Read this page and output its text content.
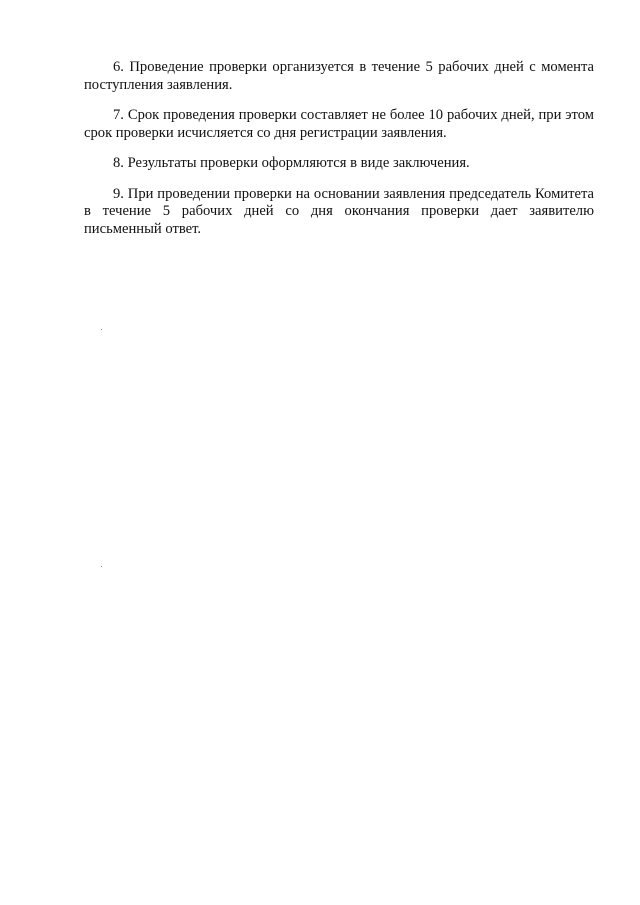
6. Проведение проверки организуется в течение 5 рабочих дней с момента поступления заявления.

7. Срок проведения проверки составляет не более 10 рабочих дней, при этом срок проверки исчисляется со дня регистрации заявления.

8. Результаты проверки оформляются в виде заключения.

9. При проведении проверки на основании заявления председатель Комитета в течение 5 рабочих дней со дня окончания проверки дает заявителю письменный ответ.
